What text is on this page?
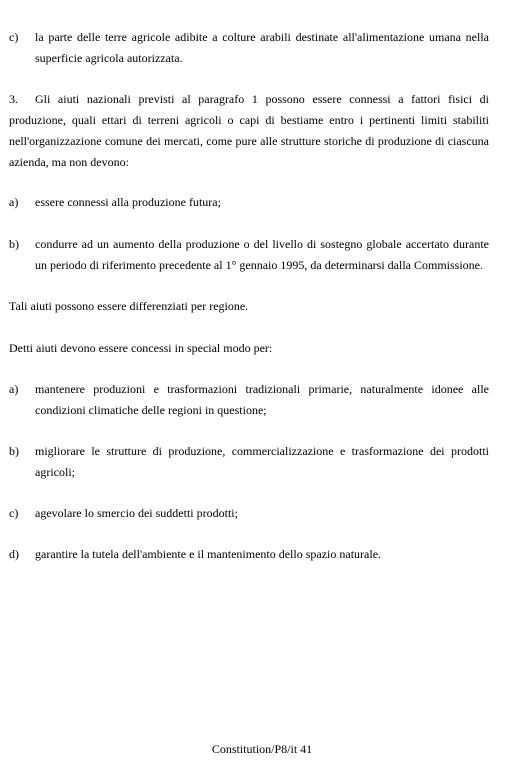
c)	la parte delle terre agricole adibite a colture arabili destinate all'alimentazione umana nella superficie agricola autorizzata.
3. Gli aiuti nazionali previsti al paragrafo 1 possono essere connessi a fattori fisici di produzione, quali ettari di terreni agricoli o capi di bestiame entro i pertinenti limiti stabiliti nell'organizzazione comune dei mercati, come pure alle strutture storiche di produzione di ciascuna azienda, ma non devono:
a)	essere connessi alla produzione futura;
b)	condurre ad un aumento della produzione o del livello di sostegno globale accertato durante un periodo di riferimento precedente al 1° gennaio 1995, da determinarsi dalla Commissione.
Tali aiuti possono essere differenziati per regione.
Detti aiuti devono essere concessi in special modo per:
a)	mantenere produzioni e trasformazioni tradizionali primarie, naturalmente idonee alle condizioni climatiche delle regioni in questione;
b)	migliorare le strutture di produzione, commercializzazione e trasformazione dei prodotti agricoli;
c)	agevolare lo smercio dei suddetti prodotti;
d)	garantire la tutela dell'ambiente e il mantenimento dello spazio naturale.
Constitution/P8/it 41
